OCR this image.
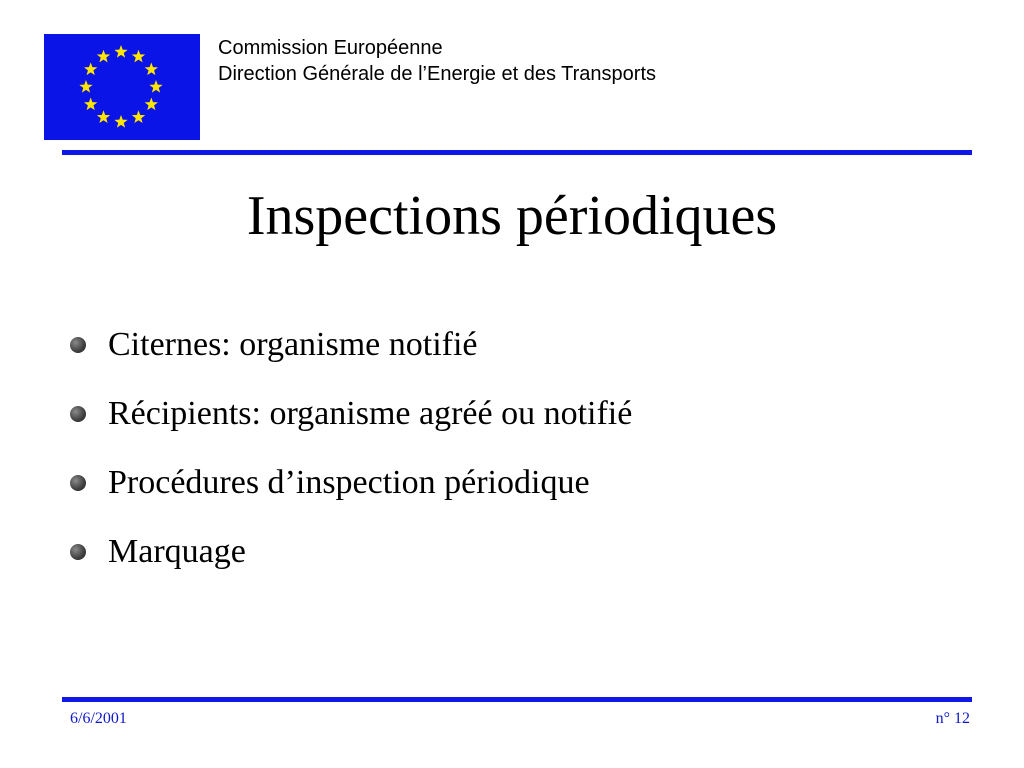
Commission Européenne
Direction Générale de l’Energie et des Transports
Inspections périodiques
Citernes: organisme notifié
Récipients: organisme agréé ou notifié
Procédures d’inspection périodique
Marquage
6/6/2001	n° 12
